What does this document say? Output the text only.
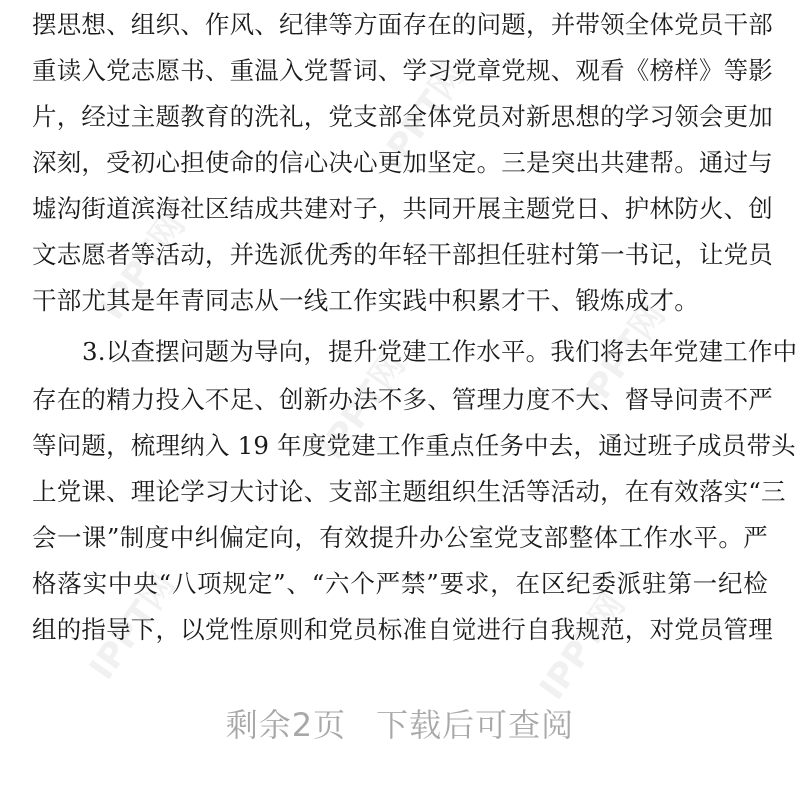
IPPT网
IPPT网
IPPT网
IPPT网
IPPT网	IPPT网
摆思想、组织、作风、纪律等方面存在的问题，并带领全体党员干部
重读入党志愿书、重温入党誓词、学习党章党规、观看《榜样》等影
片，经过主题教育的洗礼，党支部全体党员对新思想的学习领会更加
深刻，受初心担使命的信心决心更加坚定。三是突出共建帮。通过与
墟沟街道滨海社区结成共建对子，共同开展主题党日、护林防火、创
文志愿者等活动，并选派优秀的年轻干部担任驻村第一书记，让党员
干部尤其是年青同志从一线工作实践中积累才干、锻炼成才。
3.以查摆问题为导向，提升党建工作水平。我们将去年党建工作中
存在的精力投入不足、创新办法不多、管理力度不大、督导问责不严
等问题，梳理纳入 19 年度党建工作重点任务中去，通过班子成员带头
上党课、理论学习大讨论、支部主题组织生活等活动，在有效落实“三
会一课”制度中纠偏定向，有效提升办公室党支部整体工作水平。严
格落实中央“八项规定”、“六个严禁”要求，在区纪委派驻第一纪检
组的指导下，以党性原则和党员标准自觉进行自我规范，对党员管理
剩余2页 下载后可查阅
